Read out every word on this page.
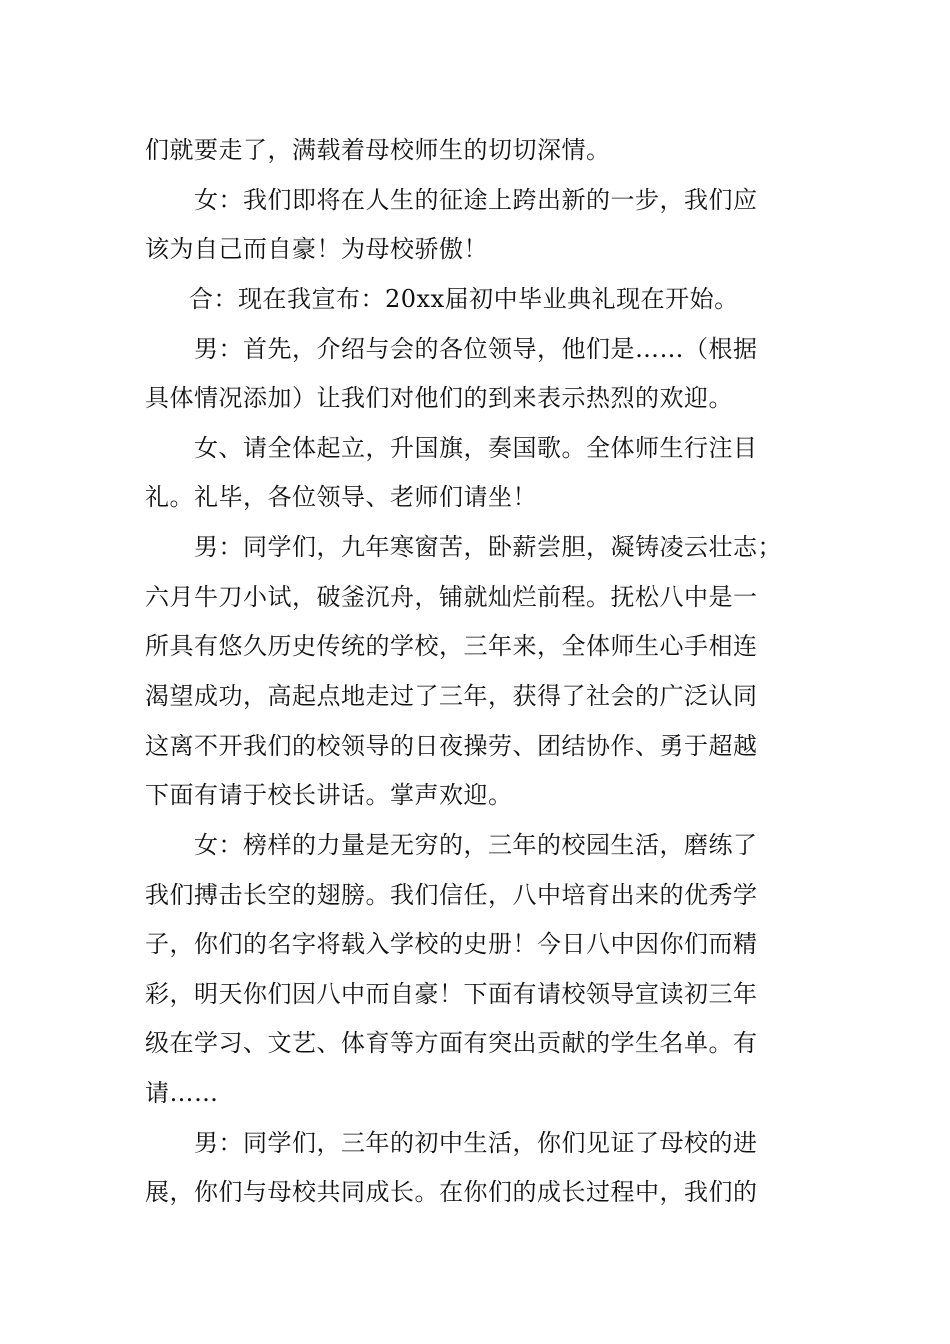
们就要走了，满载着母校师生的切切深情。
　　女：我们即将在人生的征途上跨出新的一步，我们应
该为自己而自豪！为母校骄傲！
　　合：现在我宣布：20xx届初中毕业典礼现在开始。
　　男：首先，介绍与会的各位领导，他们是……（根据
具体情况添加）让我们对他们的到来表示热烈的欢迎。
　　女、请全体起立，升国旗，奏国歌。全体师生行注目
礼。礼毕，各位领导、老师们请坐！
　　男：同学们，九年寒窗苦，卧薪尝胆，凝铸凌云壮志；
六月牛刀小试，破釜沉舟，铺就灿烂前程。抚松八中是一
所具有悠久历史传统的学校，三年来，全体师生心手相连
渴望成功，高起点地走过了三年，获得了社会的广泛认同
这离不开我们的校领导的日夜操劳、团结协作、勇于超越
下面有请于校长讲话。掌声欢迎。
　　女：榜样的力量是无穷的，三年的校园生活，磨练了
我们搏击长空的翅膀。我们信任，八中培育出来的优秀学
子，你们的名字将载入学校的史册！今日八中因你们而精
彩，明天你们因八中而自豪！下面有请校领导宣读初三年
级在学习、文艺、体育等方面有突出贡献的学生名单。有
请……
　　男：同学们，三年的初中生活，你们见证了母校的进
展，你们与母校共同成长。在你们的成长过程中，我们的
